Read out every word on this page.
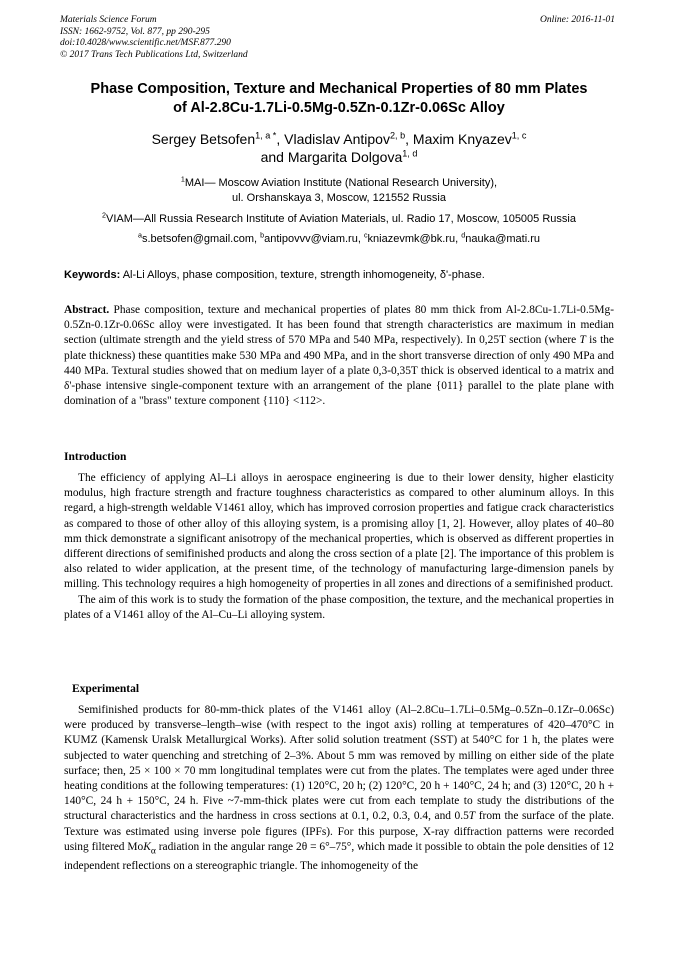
Materials Science Forum
ISSN: 1662-9752, Vol. 877, pp 290-295
doi:10.4028/www.scientific.net/MSF.877.290
© 2017 Trans Tech Publications Ltd, Switzerland
Online: 2016-11-01
Phase Composition, Texture and Mechanical Properties of 80 mm Plates
of Al-2.8Cu-1.7Li-0.5Mg-0.5Zn-0.1Zr-0.06Sc Alloy
Sergey Betsofen$^{1, a *}$, Vladislav Antipov$^{2, b}$, Maxim Knyazev$^{1, c}$
and Margarita Dolgova$^{1, d}$
$^1$MAI— Moscow Aviation Institute (National Research University),
ul. Orshanskaya 3, Moscow, 121552 Russia
$^2$VIAM—All Russia Research Institute of Aviation Materials, ul. Radio 17, Moscow, 105005 Russia
$^a$s.betsofen@gmail.com, $^b$antipovvv@viam.ru, $^c$kniazevmk@bk.ru, $^d$nauka@mati.ru
Keywords: Al-Li Alloys, phase composition, texture, strength inhomogeneity, δ'-phase.
Abstract. Phase composition, texture and mechanical properties of plates 80 mm thick from Al-2.8Cu-1.7Li-0.5Mg-0.5Zn-0.1Zr-0.06Sc alloy were investigated. It has been found that strength characteristics are maximum in median section (ultimate strength and the yield stress of 570 MPa and 540 MPa, respectively). In 0,25T section (where T is the plate thickness) these quantities make 530 MPa and 490 MPa, and in the short transverse direction of only 490 MPa and 440 MPa. Textural studies showed that on medium layer of a plate 0,3-0,35T thick is observed identical to a matrix and δ'-phase intensive single-component texture with an arrangement of the plane {011} parallel to the plate plane with domination of a "brass" texture component {110} <112>.
Introduction

The efficiency of applying Al–Li alloys in aerospace engineering is due to their lower density, higher elasticity modulus, high fracture strength and fracture toughness characteristics as compared to other aluminum alloys. In this regard, a high-strength weldable V1461 alloy, which has improved corrosion properties and fatigue crack characteristics as compared to those of other alloy of this alloying system, is a promising alloy [1, 2]. However, alloy plates of 40–80 mm thick demonstrate a significant anisotropy of the mechanical properties, which is observed as different properties in different directions of semifinished products and along the cross section of a plate [2]. The importance of this problem is also related to wider application, at the present time, of the technology of manufacturing large-dimension panels by milling. This technology requires a high homogeneity of properties in all zones and directions of a semifinished product.

The aim of this work is to study the formation of the phase composition, the texture, and the mechanical properties in plates of a V1461 alloy of the Al–Cu–Li alloying system.

Experimental
Semifinished products for 80-mm-thick plates of the V1461 alloy (Al–2.8Cu–1.7Li–0.5Mg–0.5Zn–0.1Zr–0.06Sc) were produced by transverse–length–wise (with respect to the ingot axis) rolling at temperatures of 420–470°C in KUMZ (Kamensk Uralsk Metallurgical Works). After solid solution treatment (SST) at 540°C for 1 h, the plates were subjected to water quenching and stretching of 2–3%. About 5 mm was removed by milling on either side of the plate surface; then, 25 × 100 × 70 mm longitudinal templates were cut from the plates. The templates were aged under three heating conditions at the following temperatures: (1) 120°C, 20 h; (2) 120°C, 20 h + 140°C, 24 h; and (3) 120°C, 20 h + 140°C, 24 h + 150°C, 24 h. Five ~7-mm-thick plates were cut from each template to study the distributions of the structural characteristics and the hardness in cross sections at 0.1, 0.2, 0.3, 0.4, and 0.5T from the surface of the plate. Texture was estimated using inverse pole figures (IPFs). For this purpose, X-ray diffraction patterns were recorded using filtered MoK$_\alpha$ radiation in the angular range 2θ = 6°–75°, which made it possible to obtain the pole densities of 12 independent reflections on a stereographic triangle. The inhomogeneity of the
